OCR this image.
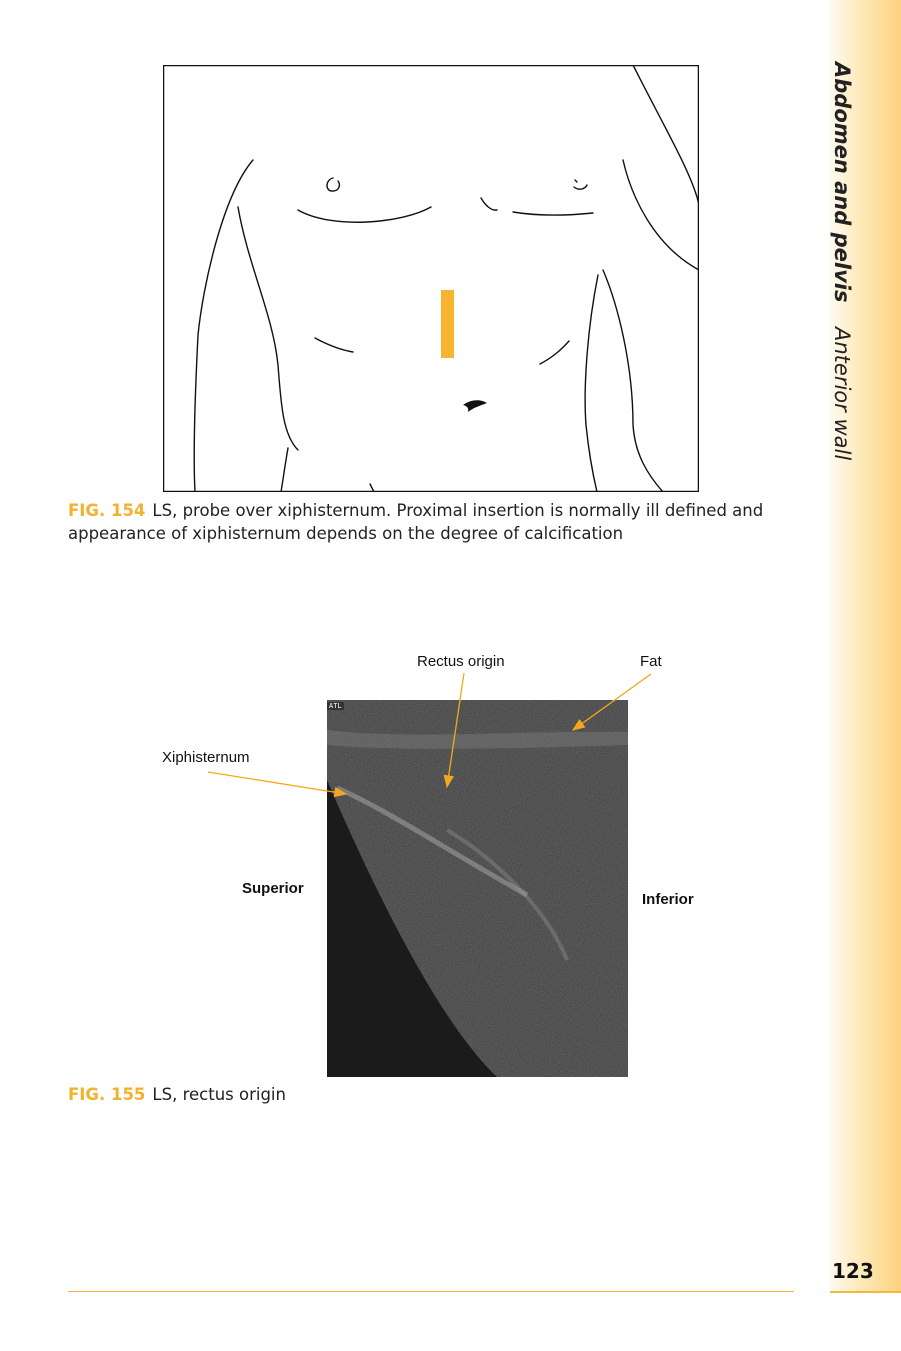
Abdomen and pelvis Anterior wall
FIG. 154 LS, probe over xiphisternum. Proximal insertion is normally ill defined and appearance of xiphisternum depends on the degree of calcification
ATL
Rectus origin	Fat
Xiphisternum
Superior
Inferior
FIG. 155 LS, rectus origin
123
